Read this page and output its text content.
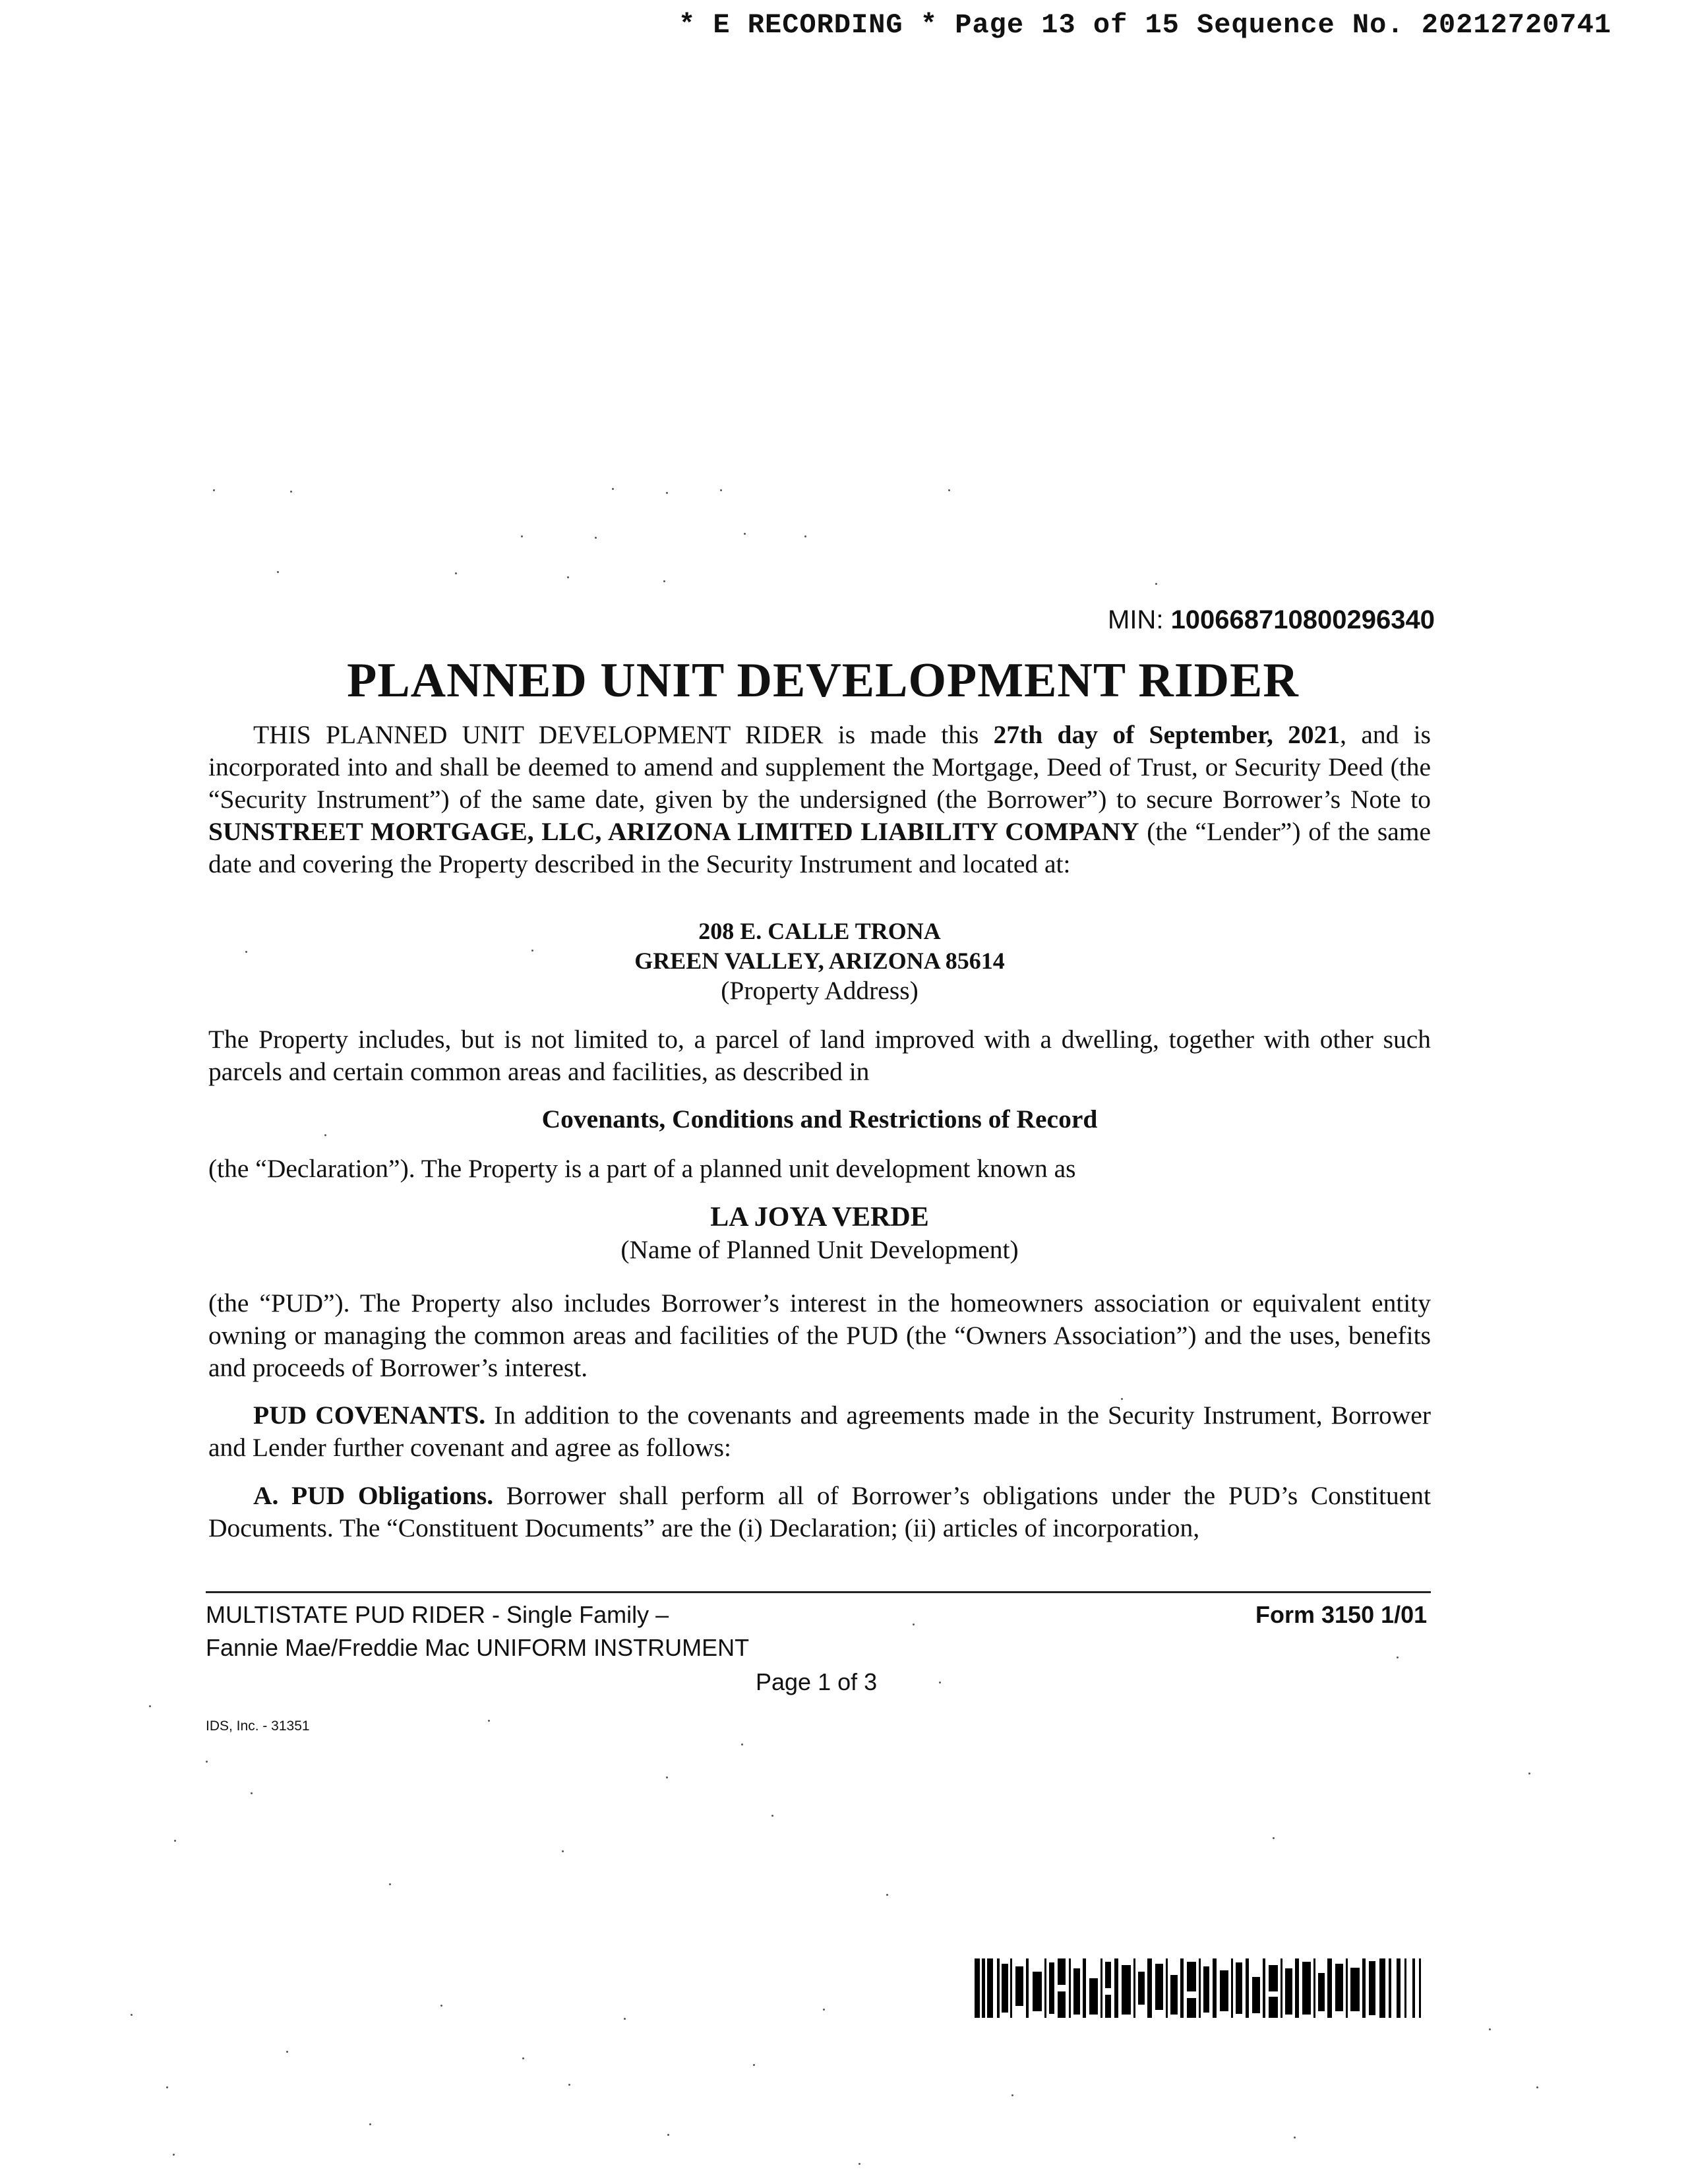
* E RECORDING * Page 13 of 15 Sequence No. 20212720741
MIN: 100668710800296340
PLANNED UNIT DEVELOPMENT RIDER

THIS PLANNED UNIT DEVELOPMENT RIDER is made this 27th day of September, 2021, and is incorporated into and shall be deemed to amend and supplement the Mortgage, Deed of Trust, or Security Deed (the “Security Instrument”) of the same date, given by the undersigned (the Borrower”) to secure Borrower’s Note to SUNSTREET MORTGAGE, LLC, ARIZONA LIMITED LIABILITY COMPANY (the “Lender”) of the same date and covering the Property described in the Security Instrument and located at:

208 E. CALLE TRONA
GREEN VALLEY, ARIZONA 85614
(Property Address)

The Property includes, but is not limited to, a parcel of land improved with a dwelling, together with other such parcels and certain common areas and facilities, as described in

Covenants, Conditions and Restrictions of Record
(the “Declaration”). The Property is a part of a planned unit development known as
LA JOYA VERDE
(Name of Planned Unit Development)

(the “PUD”). The Property also includes Borrower’s interest in the homeowners association or equivalent entity owning or managing the common areas and facilities of the PUD (the “Owners Association”) and the uses, benefits and proceeds of Borrower’s interest.

PUD COVENANTS. In addition to the covenants and agreements made in the Security Instrument, Borrower and Lender further covenant and agree as follows:

A. PUD Obligations. Borrower shall perform all of Borrower’s obligations under the PUD’s Constituent Documents. The “Constituent Documents” are the (i) Declaration; (ii) articles of incorporation,

MULTISTATE PUD RIDER - Single Family –	Form 3150 1/01
Fannie Mae/Freddie Mac UNIFORM INSTRUMENT
Page 1 of 3
IDS, Inc. - 31351
